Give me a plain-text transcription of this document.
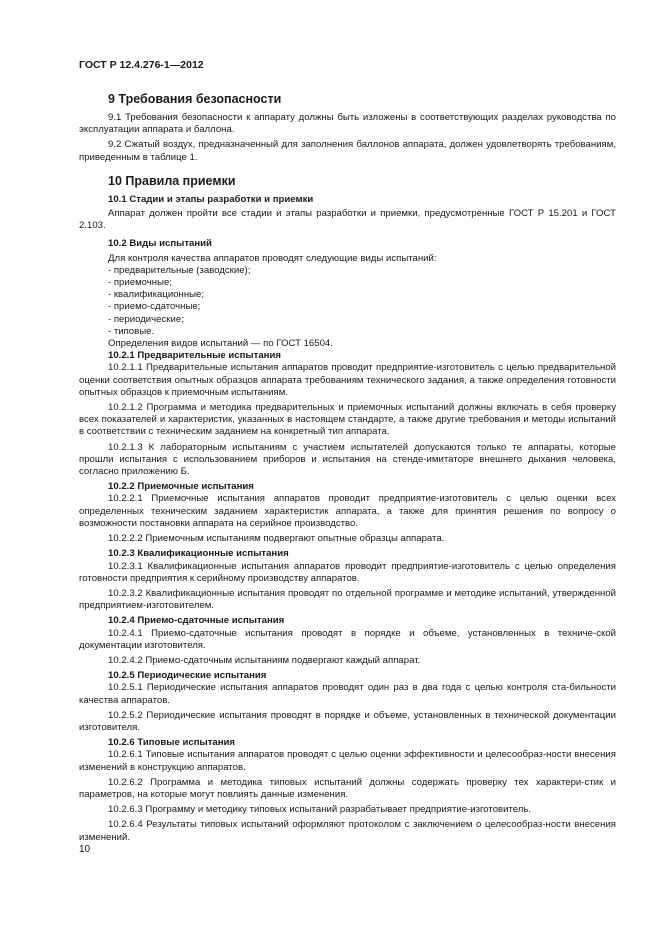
ГОСТ Р 12.4.276-1—2012
9 Требования безопасности

9.1 Требования безопасности к аппарату должны быть изложены в соответствующих разделах руководства по эксплуатации аппарата и баллона.

9.2 Сжатый воздух, предназначенный для заполнения баллонов аппарата, должен удовлетворять требованиям, приведенным в таблице 1.

10 Правила приемки
10.1 Стадии и этапы разработки и приемки

Аппарат должен пройти все стадии и этапы разработки и приемки, предусмотренные ГОСТ Р 15.201 и ГОСТ 2.103.

10.2 Виды испытаний

Для контроля качества аппаратов проводят следующие виды испытаний:

- предварительные (заводские);
- приемочные;
- квалификационные;
- приемо-сдаточные;
- периодические;
- типовые.

Определения видов испытаний — по ГОСТ 16504.

10.2.1 Предварительные испытания

10.2.1.1 Предварительные испытания аппаратов проводит предприятие-изготовитель с целью предварительной оценки соответствия опытных образцов аппарата требованиям технического задания, а также определения готовности опытных образцов к приемочным испытаниям.

10.2.1.2 Программа и методика предварительных и приемочных испытаний должны включать в себя проверку всех показателей и характеристик, указанных в настоящем стандарте, а также другие требования и методы испытаний в соответствии с техническим заданием на конкретный тип аппарата.

10.2.1.3 К лабораторным испытаниям с участием испытателей допускаются только те аппараты, которые прошли испытания с использованием приборов и испытания на стенде-имитаторе внешнего дыхания человека, согласно приложению Б.

10.2.2 Приемочные испытания

10.2.2.1 Приемочные испытания аппаратов проводит предприятие-изготовитель с целью оценки всех определенных техническим заданием характеристик аппарата, а также для принятия решения по вопросу о возможности постановки аппарата на серийное производство.

10.2.2.2 Приемочным испытаниям подвергают опытные образцы аппарата.

10.2.3 Квалификационные испытания

10.2.3.1 Квалификационные испытания аппаратов проводит предприятие-изготовитель с целью определения готовности предприятия к серийному производству аппаратов.

10.2.3.2 Квалификационные испытания проводят по отдельной программе и методике испытаний, утвержденной предприятием-изготовителем.

10.2.4 Приемо-сдаточные испытания

10.2.4.1 Приемо-сдаточные испытания проводят в порядке и объеме, установленных в техниче-ской документации изготовителя.

10.2.4.2 Приемо-сдаточным испытаниям подвергают каждый аппарат.

10.2.5 Периодические испытания

10.2.5.1 Периодические испытания аппаратов проводят один раз в два года с целью контроля ста-бильности качества аппаратов.

10.2.5.2 Периодические испытания проводят в порядке и объеме, установленных в технической документации изготовителя.

10.2.6 Типовые испытания

10.2.6.1 Типовые испытания аппаратов проводят с целью оценки эффективности и целесообраз-ности внесения изменений в конструкцию аппаратов.

10.2.6.2 Программа и методика типовых испытаний должны содержать проверку тех характери-стик и параметров, на которые могут повлиять данные изменения.

10.2.6.3 Программу и методику типовых испытаний разрабатывает предприятие-изготовитель.

10.2.6.4 Результаты типовых испытаний оформляют протоколом с заключением о целесообраз-ности внесения изменений.

10
